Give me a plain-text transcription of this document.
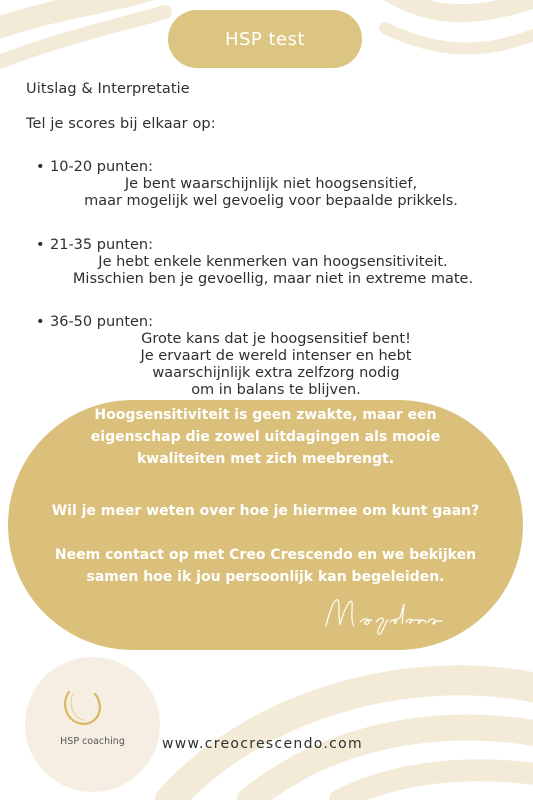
HSP test
Uitslag & Interpretatie
Tel je scores bij elkaar op:
• 10-20 punten:
Je bent waarschijnlijk niet hoogsensitief,
maar mogelijk wel gevoelig voor bepaalde prikkels.
• 21-35 punten:
Je hebt enkele kenmerken van hoogsensitiviteit.
Misschien ben je gevoellig, maar niet in extreme mate.
• 36-50 punten:
Grote kans dat je hoogsensitief bent!
Je ervaart de wereld intenser en hebt
waarschijnlijk extra zelfzorg nodig
om in balans te blijven.
Hoogsensitiviteit is geen zwakte, maar een
eigenschap die zowel uitdagingen als mooie
kwaliteiten met zich meebrengt.
Wil je meer weten over hoe je hiermee om kunt gaan?
Neem contact op met Creo Crescendo en we bekijken
samen hoe ik jou persoonlijk kan begeleiden.
HSP coaching	www.creocrescendo.com
